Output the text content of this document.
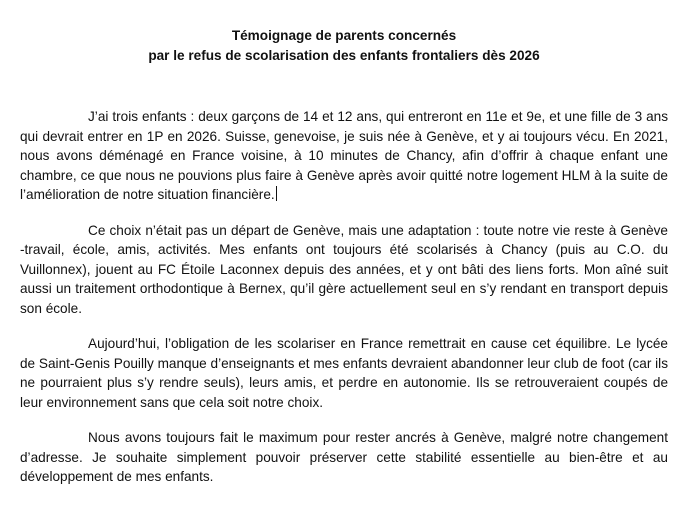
Témoignage de parents concernés
par le refus de scolarisation des enfants frontaliers dès 2026

J’ai trois enfants : deux garçons de 14 et 12 ans, qui entreront en 11e et 9e, et une fille de 3 ans qui devrait entrer en 1P en 2026. Suisse, genevoise, je suis née à Genève, et y ai toujours vécu. En 2021, nous avons déménagé en France voisine, à 10 minutes de Chancy, afin d’offrir à chaque enfant une chambre, ce que nous ne pouvions plus faire à Genève après avoir quitté notre logement HLM à la suite de l’amélioration de notre situation financière.

Ce choix n’était pas un départ de Genève, mais une adaptation : toute notre vie reste à Genève -travail, école, amis, activités. Mes enfants ont toujours été scolarisés à Chancy (puis au C.O. du Vuillonnex), jouent au FC Étoile Laconnex depuis des années, et y ont bâti des liens forts. Mon aîné suit aussi un traitement orthodontique à Bernex, qu’il gère actuellement seul en s’y rendant en transport depuis son école.

Aujourd’hui, l’obligation de les scolariser en France remettrait en cause cet équilibre. Le lycée de Saint-Genis Pouilly manque d’enseignants et mes enfants devraient abandonner leur club de foot (car ils ne pourraient plus s’y rendre seuls), leurs amis, et perdre en autonomie. Ils se retrouveraient coupés de leur environnement sans que cela soit notre choix.

Nous avons toujours fait le maximum pour rester ancrés à Genève, malgré notre changement d’adresse. Je souhaite simplement pouvoir préserver cette stabilité essentielle au bien-être et au développement de mes enfants.
